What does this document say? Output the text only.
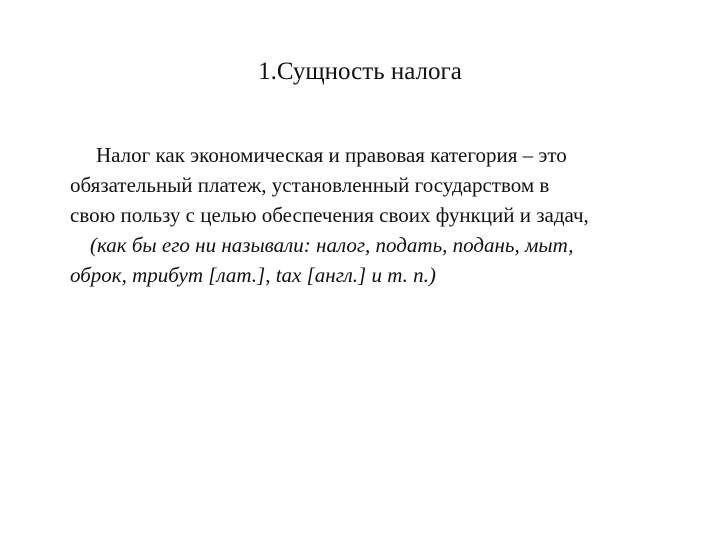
1.Сущность налога
Налог как экономическая и правовая категория – это
обязательный платеж, установленный государством в
свою пользу с целью обеспечения своих функций и задач,
(как бы его ни называли: налог, подать, подань, мыт,
оброк, трибут [лат.], tax [англ.] и т. п.)
